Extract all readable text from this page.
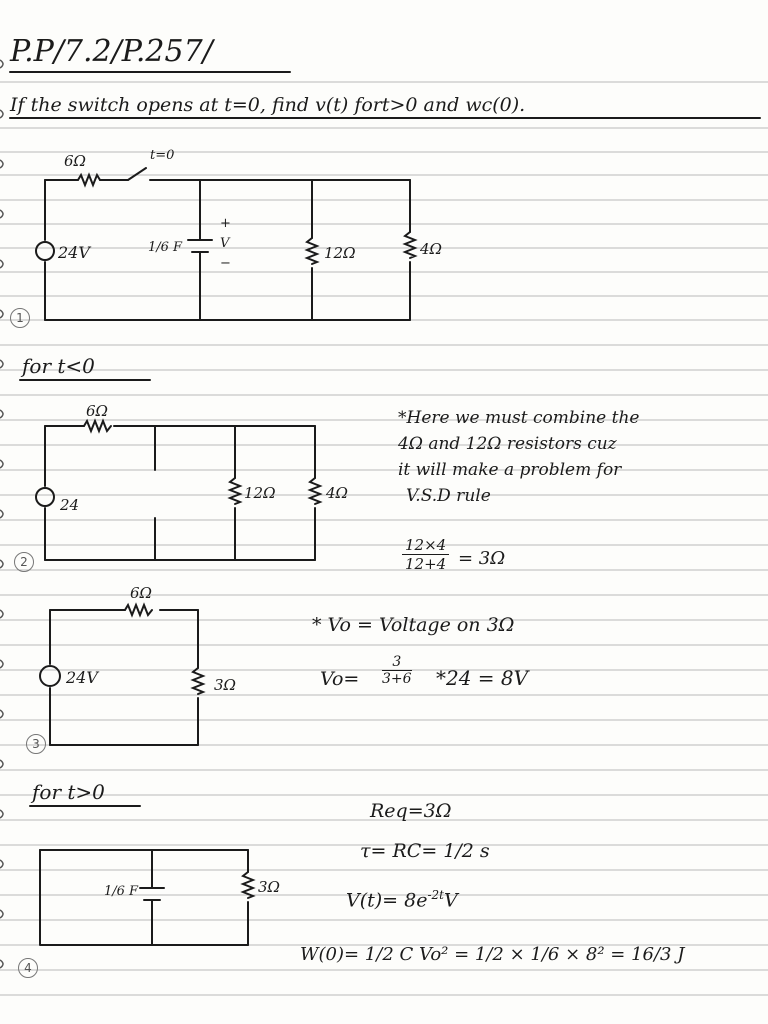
P.P/7.2/P.257/
If the switch opens at t=0, find v(t) fort>0 and wc(0).
6Ω	t=0
24V	1/6 F
+
V
−
12Ω	4Ω
1
for t<0
6Ω
24
12Ω	4Ω
2
*Here we must combine the
4Ω and 12Ω resistors cuz
it will make a problem for
V.S.D rule
$\frac{12\times 4}{12+4} = 3\Omega$
6Ω
24V	3Ω
3
* Vo = Voltage on 3Ω
$Vo= \frac{3}{3+6} *24 = 8V$
for t>0
1/6 F	3Ω
4
Req=3Ω
τ= RC= 1/2 s
$V(t)= 8e^{-2t}V$
W(0)= 1/2 C Vo² = 1/2 × 1/6 × 8² = 16/3 J
